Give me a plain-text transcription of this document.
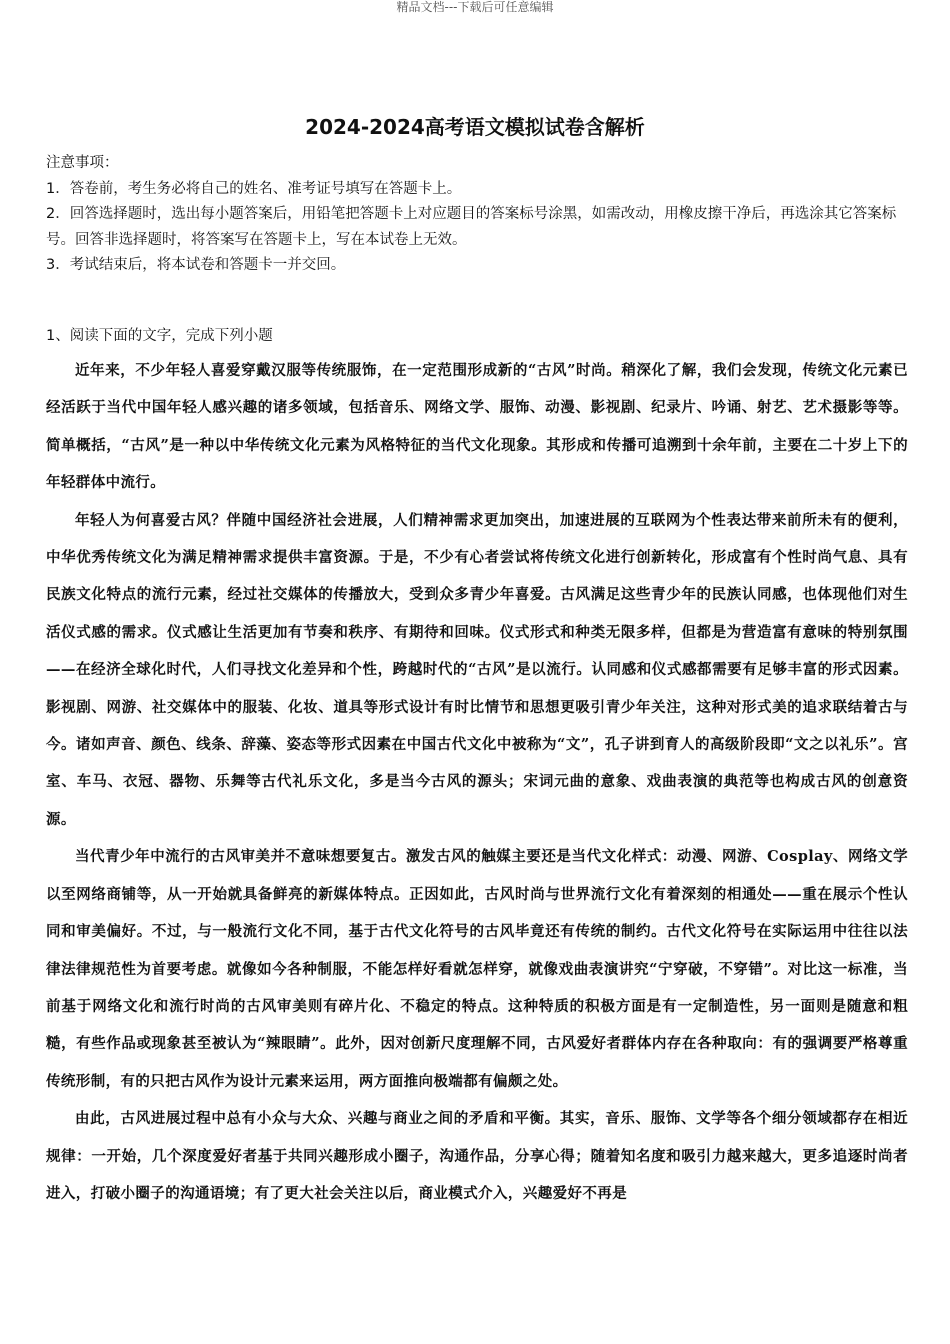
精品文档---下载后可任意编辑
2024-2024高考语文模拟试卷含解析
注意事项：
1．答卷前，考生务必将自己的姓名、准考证号填写在答题卡上。
2．回答选择题时，选出每小题答案后，用铅笔把答题卡上对应题目的答案标号涂黑，如需改动，用橡皮擦干净后，再选涂其它答案标号。回答非选择题时，将答案写在答题卡上，写在本试卷上无效。
3．考试结束后，将本试卷和答题卡一并交回。
1、阅读下面的文字，完成下列小题

近年来，不少年轻人喜爱穿戴汉服等传统服饰，在一定范围形成新的“古风”时尚。稍深化了解，我们会发现，传统文化元素已经活跃于当代中国年轻人感兴趣的诸多领域，包括音乐、网络文学、服饰、动漫、影视剧、纪录片、吟诵、射艺、艺术摄影等等。简单概括，“古风”是一种以中华传统文化元素为风格特征的当代文化现象。其形成和传播可追溯到十余年前，主要在二十岁上下的年轻群体中流行。

年轻人为何喜爱古风？伴随中国经济社会进展，人们精神需求更加突出，加速进展的互联网为个性表达带来前所未有的便利，中华优秀传统文化为满足精神需求提供丰富资源。于是，不少有心者尝试将传统文化进行创新转化，形成富有个性时尚气息、具有民族文化特点的流行元素，经过社交媒体的传播放大，受到众多青少年喜爱。古风满足这些青少年的民族认同感，也体现他们对生活仪式感的需求。仪式感让生活更加有节奏和秩序、有期待和回味。仪式形式和种类无限多样，但都是为营造富有意味的特别氛围——在经济全球化时代，人们寻找文化差异和个性，跨越时代的“古风”是以流行。认同感和仪式感都需要有足够丰富的形式因素。影视剧、网游、社交媒体中的服装、化妆、道具等形式设计有时比情节和思想更吸引青少年关注，这种对形式美的追求联结着古与今。诸如声音、颜色、线条、辞藻、姿态等形式因素在中国古代文化中被称为“文”，孔子讲到育人的高级阶段即“文之以礼乐”。宫室、车马、衣冠、器物、乐舞等古代礼乐文化，多是当今古风的源头；宋词元曲的意象、戏曲表演的典范等也构成古风的创意资源。

当代青少年中流行的古风审美并不意味想要复古。激发古风的触媒主要还是当代文化样式：动漫、网游、Cosplay、网络文学以至网络商铺等，从一开始就具备鲜亮的新媒体特点。正因如此，古风时尚与世界流行文化有着深刻的相通处——重在展示个性认同和审美偏好。不过，与一般流行文化不同，基于古代文化符号的古风毕竟还有传统的制约。古代文化符号在实际运用中往往以法律法律规范性为首要考虑。就像如今各种制服，不能怎样好看就怎样穿，就像戏曲表演讲究“宁穿破，不穿错”。对比这一标准，当前基于网络文化和流行时尚的古风审美则有碎片化、不稳定的特点。这种特质的积极方面是有一定制造性，另一面则是随意和粗糙，有些作品或现象甚至被认为“辣眼睛”。此外，因对创新尺度理解不同，古风爱好者群体内存在各种取向：有的强调要严格尊重传统形制，有的只把古风作为设计元素来运用，两方面推向极端都有偏颇之处。

由此，古风进展过程中总有小众与大众、兴趣与商业之间的矛盾和平衡。其实，音乐、服饰、文学等各个细分领域都存在相近规律：一开始，几个深度爱好者基于共同兴趣形成小圈子，沟通作品，分享心得；随着知名度和吸引力越来越大，更多追逐时尚者进入，打破小圈子的沟通语境；有了更大社会关注以后，商业模式介入，兴趣爱好不再是
